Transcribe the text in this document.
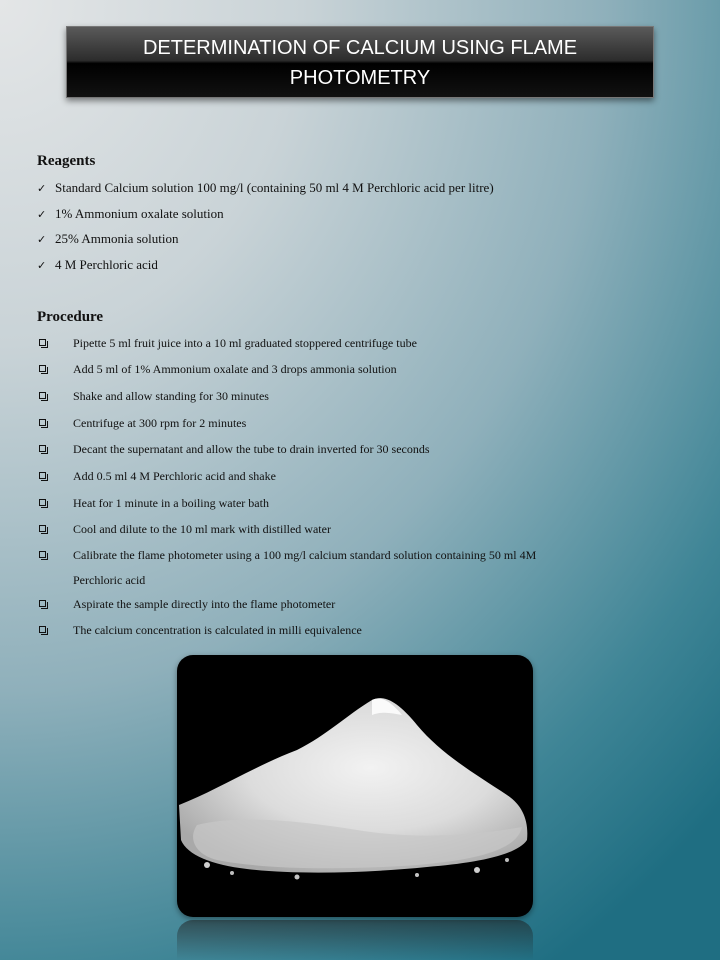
DETERMINATION OF CALCIUM USING FLAME
PHOTOMETRY
Reagents
✓ Standard Calcium solution 100 mg/l (containing 50 ml 4 M Perchloric acid per litre)
✓ 1% Ammonium oxalate solution
✓ 25% Ammonia solution
✓ 4 M Perchloric acid
Procedure
Pipette 5 ml fruit juice into a 10 ml graduated stoppered centrifuge tube
Add 5 ml of 1% Ammonium oxalate and 3 drops ammonia solution
Shake and allow standing for 30 minutes
Centrifuge at 300 rpm for 2 minutes
Decant the supernatant and allow the tube to drain inverted for 30 seconds
Add 0.5 ml 4 M Perchloric acid and shake
Heat for 1 minute in a boiling water bath
Cool and dilute to the 10 ml mark with distilled water
Calibrate the flame photometer using a 100 mg/l calcium standard solution containing 50 ml 4M
Perchloric acid
Aspirate the sample directly into the flame photometer
The calcium concentration is calculated in milli equivalence
